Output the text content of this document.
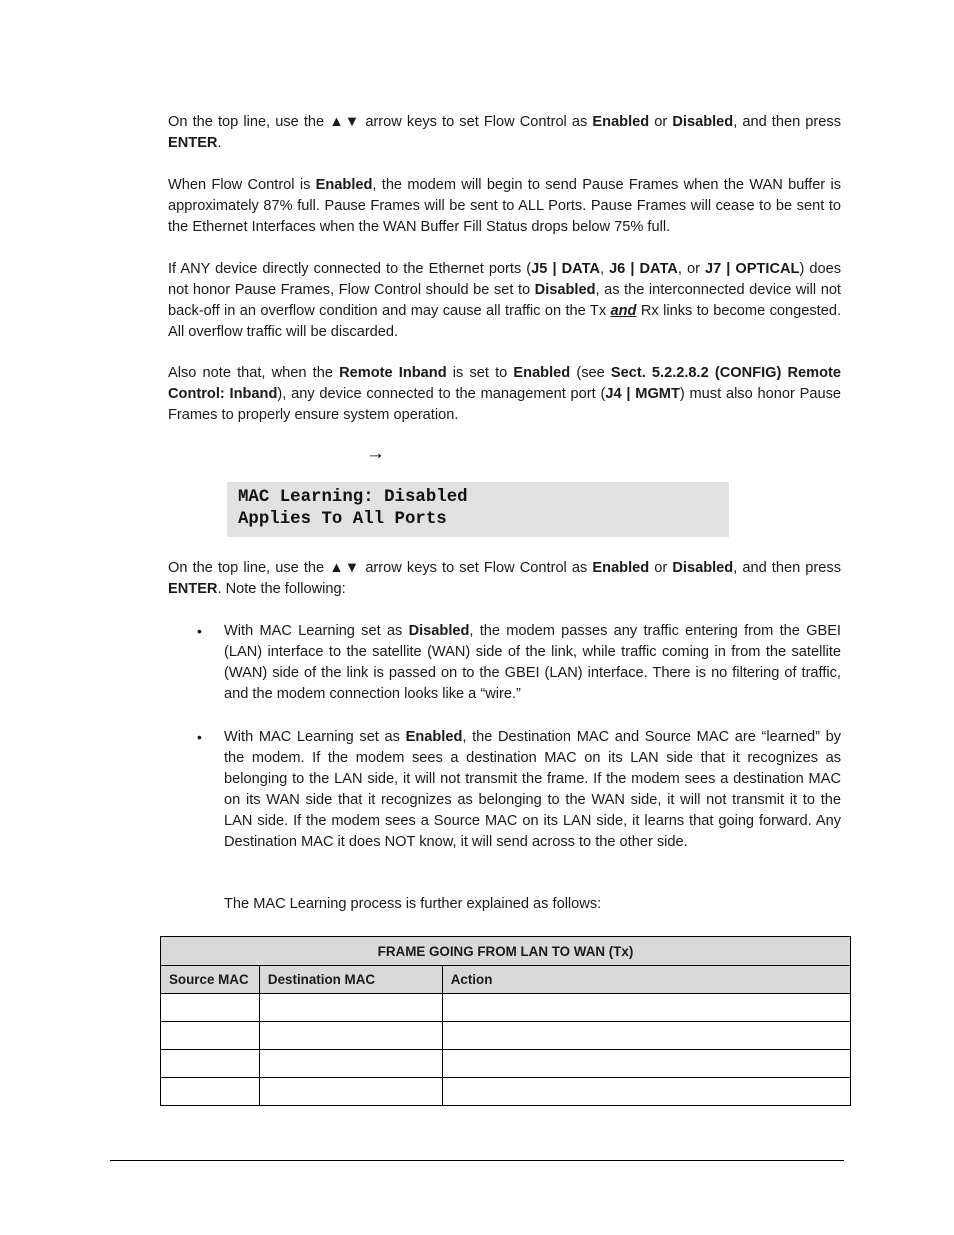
On the top line, use the ▲▼ arrow keys to set Flow Control as Enabled or Disabled, and then press ENTER.

When Flow Control is Enabled, the modem will begin to send Pause Frames when the WAN buffer is approximately 87% full. Pause Frames will be sent to ALL Ports. Pause Frames will cease to be sent to the Ethernet Interfaces when the WAN Buffer Fill Status drops below 75% full.

If ANY device directly connected to the Ethernet ports (J5 | DATA, J6 | DATA, or J7 | OPTICAL) does not honor Pause Frames, Flow Control should be set to Disabled, as the interconnected device will not back-off in an overflow condition and may cause all traffic on the Tx and Rx links to become congested. All overflow traffic will be discarded.

Also note that, when the Remote Inband is set to Enabled (see Sect. 5.2.2.8.2 (CONFIG) Remote Control: Inband), any device connected to the management port (J4 | MGMT) must also honor Pause Frames to properly ensure system operation.

→
MAC Learning: Disabled
Applies To All Ports

On the top line, use the ▲▼ arrow keys to set Flow Control as Enabled or Disabled, and then press ENTER. Note the following:

• With MAC Learning set as Disabled, the modem passes any traffic entering from the GBEI (LAN) interface to the satellite (WAN) side of the link, while traffic coming in from the satellite (WAN) side of the link is passed on to the GBEI (LAN) interface. There is no filtering of traffic, and the modem connection looks like a “wire.”

• With MAC Learning set as Enabled, the Destination MAC and Source MAC are “learned” by the modem. If the modem sees a destination MAC on its LAN side that it recognizes as belonging to the LAN side, it will not transmit the frame. If the modem sees a destination MAC on its WAN side that it recognizes as belonging to the WAN side, it will not transmit it to the LAN side. If the modem sees a Source MAC on its LAN side, it learns that going forward. Any Destination MAC it does NOT know, it will send across to the other side.

The MAC Learning process is further explained as follows:

FRAME GOING FROM LAN TO WAN (Tx)		
Source MAC	Destination MAC	Action
